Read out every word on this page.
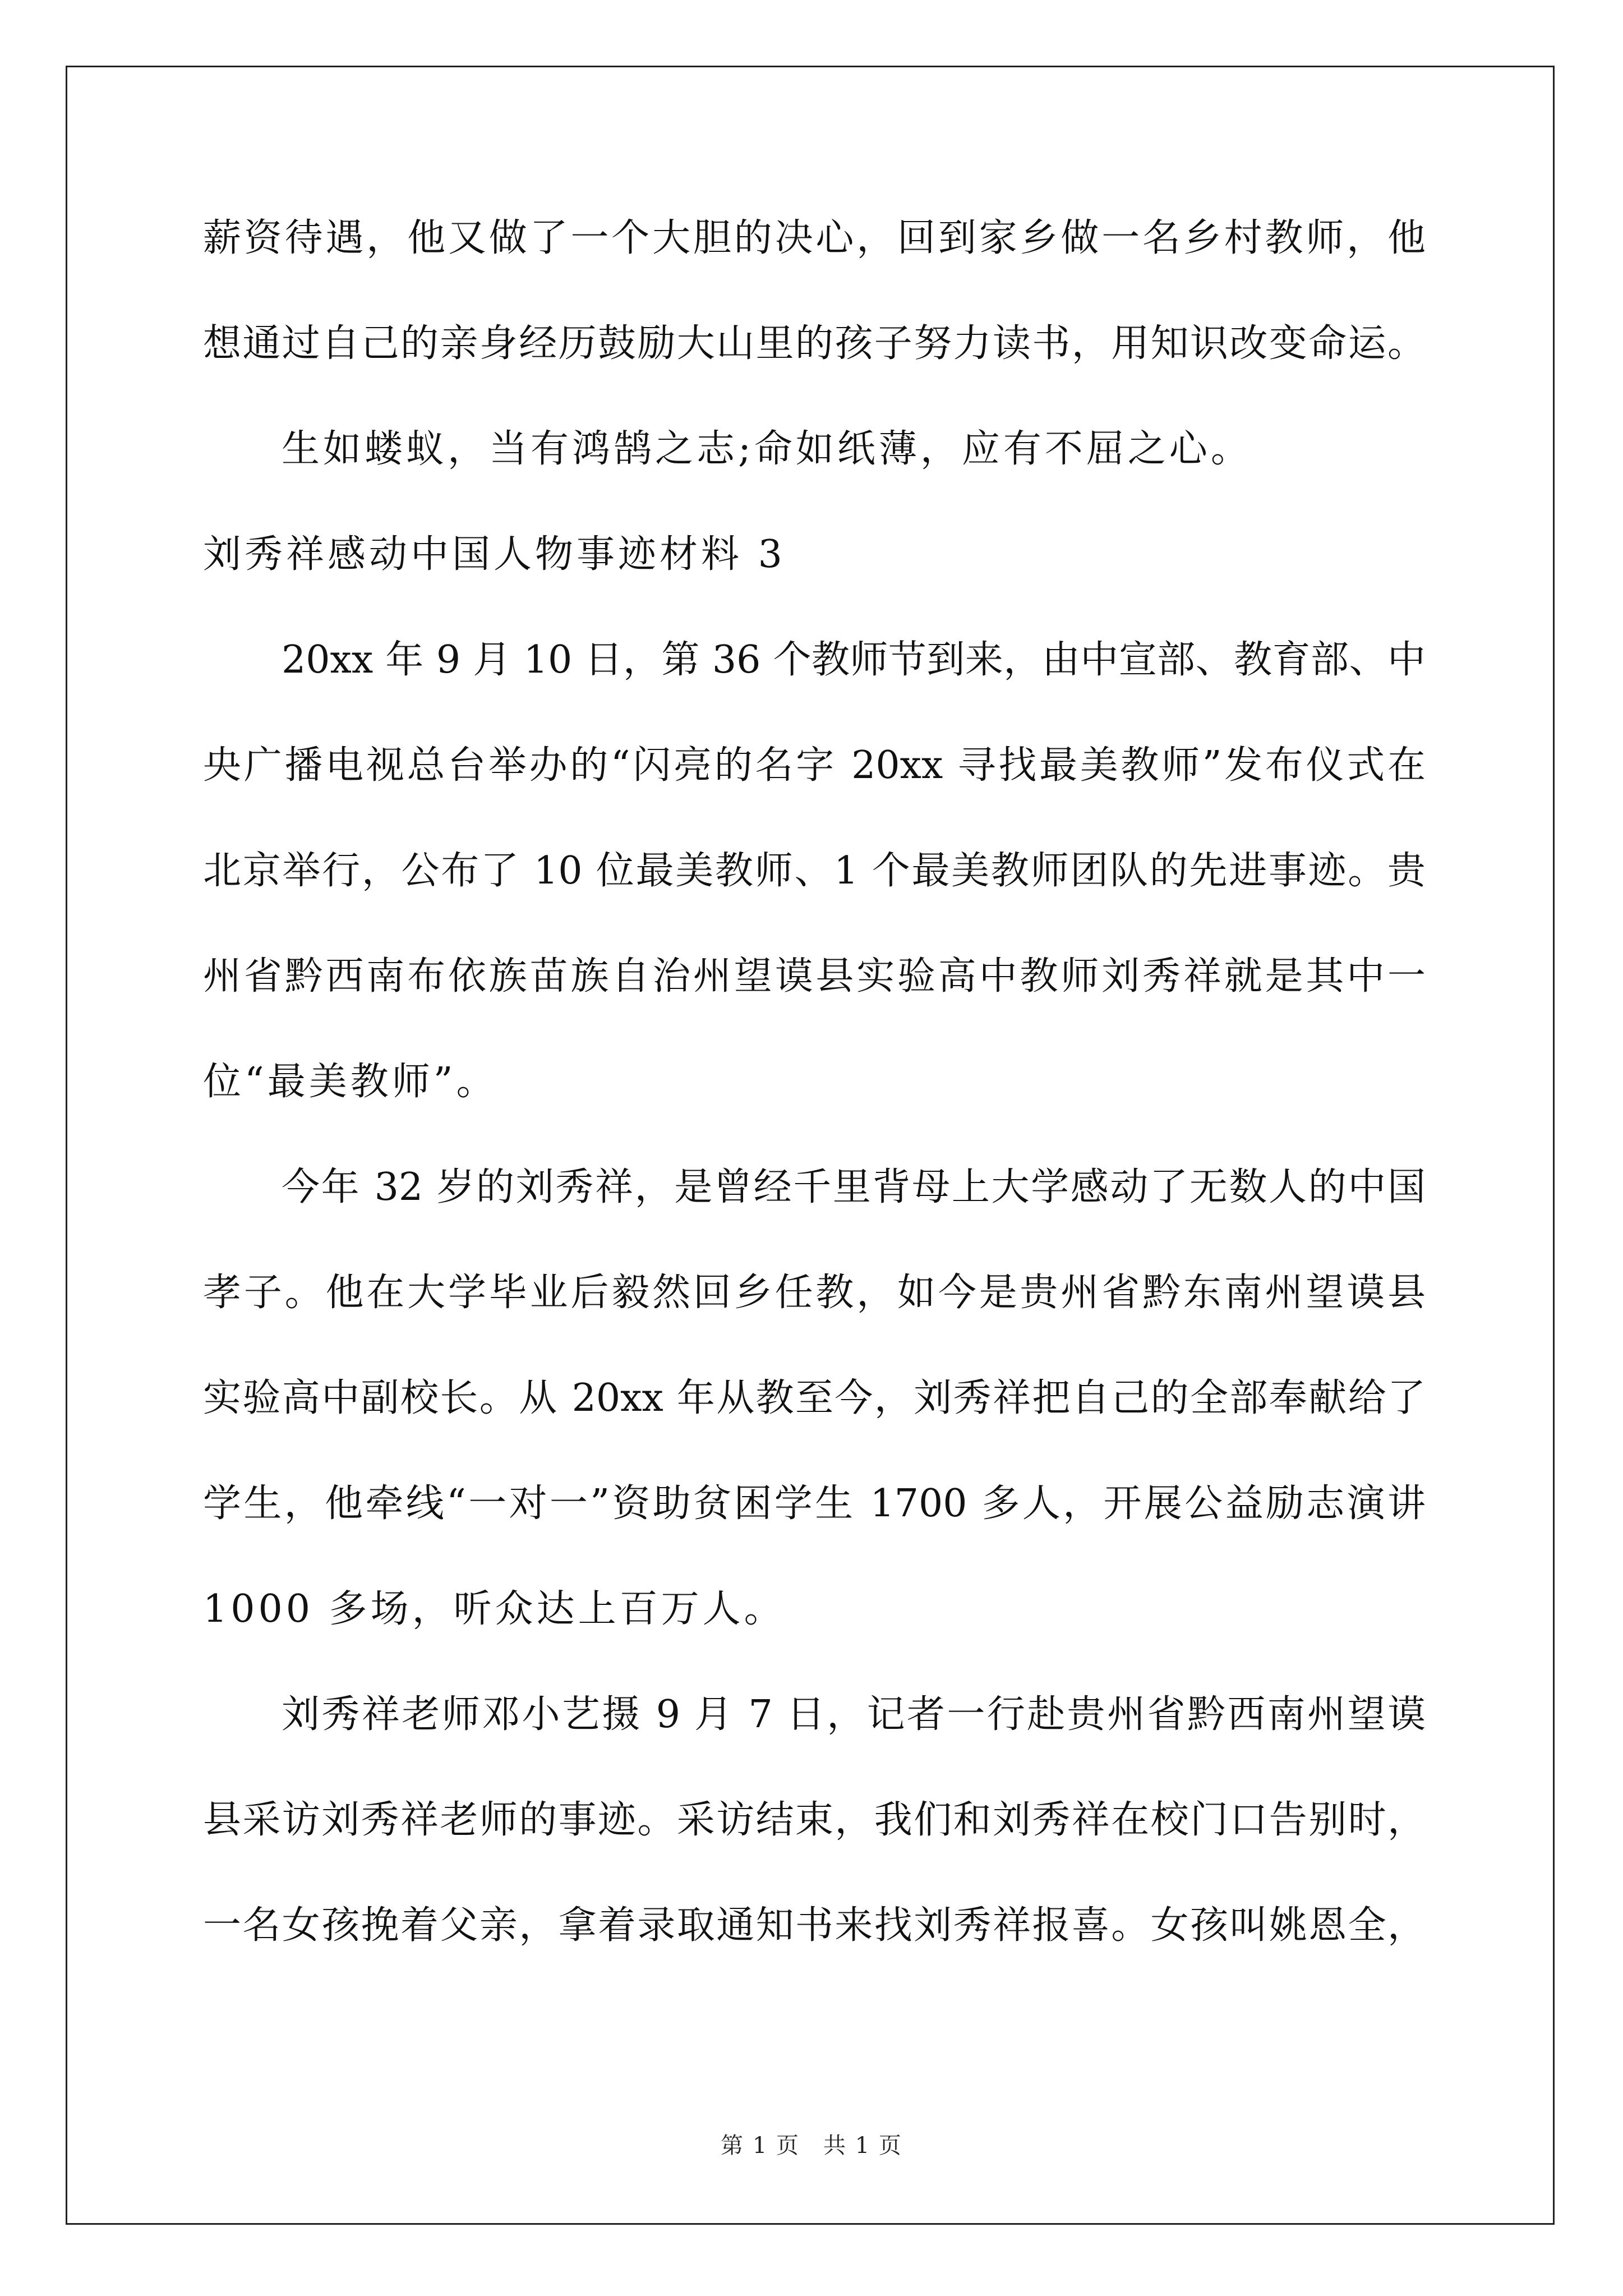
薪资待遇，他又做了一个大胆的决心，回到家乡做一名乡村教师，他
想通过自己的亲身经历鼓励大山里的孩子努力读书，用知识改变命运。
生如蝼蚁，当有鸿鹄之志;命如纸薄，应有不屈之心。
刘秀祥感动中国人物事迹材料 3
20xx 年 9 月 10 日，第 36 个教师节到来，由中宣部、教育部、中
央广播电视总台举办的“闪亮的名字 20xx 寻找最美教师”发布仪式在
北京举行，公布了 10 位最美教师、1 个最美教师团队的先进事迹。贵
州省黔西南布依族苗族自治州望谟县实验高中教师刘秀祥就是其中一
位“最美教师”。
今年 32 岁的刘秀祥，是曾经千里背母上大学感动了无数人的中国
孝子。他在大学毕业后毅然回乡任教，如今是贵州省黔东南州望谟县
实验高中副校长。从 20xx 年从教至今，刘秀祥把自己的全部奉献给了
学生，他牵线“一对一”资助贫困学生 1700 多人，开展公益励志演讲
1000 多场，听众达上百万人。
刘秀祥老师邓小艺摄 9 月 7 日，记者一行赴贵州省黔西南州望谟
县采访刘秀祥老师的事迹。采访结束，我们和刘秀祥在校门口告别时，
一名女孩挽着父亲，拿着录取通知书来找刘秀祥报喜。女孩叫姚恩全，
第 1 页　共 1 页
